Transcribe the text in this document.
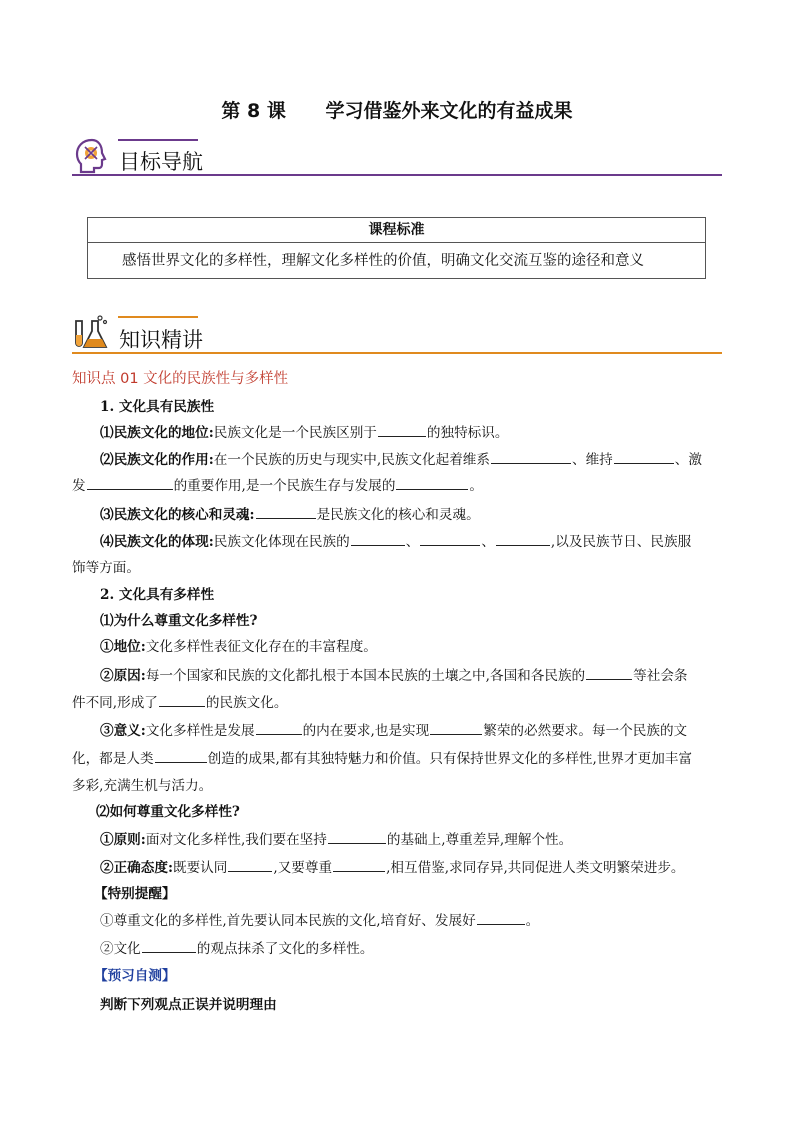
第 8 课      学习借鉴外来文化的有益成果
目标导航
课程标准
感悟世界文化的多样性，理解文化多样性的价值，明确文化交流互鉴的途径和意义
知识精讲
知识点 01 文化的民族性与多样性
1. 文化具有民族性
⑴民族文化的地位:民族文化是一个民族区别于	的独特标识。
⑵民族文化的作用:在一个民族的历史与现实中,民族文化起着维系	、维持	、激
发	的重要作用,是一个民族生存与发展的	。
⑶民族文化的核心和灵魂:	是民族文化的核心和灵魂。
⑷民族文化的体现:民族文化体现在民族的	、	、	,以及民族节日、民族服
饰等方面。
2. 文化具有多样性
⑴为什么尊重文化多样性?
①地位:文化多样性表征文化存在的丰富程度。
②原因:每一个国家和民族的文化都扎根于本国本民族的土壤之中,各国和各民族的	等社会条
件不同,形成了	的民族文化。
③意义:文化多样性是发展	的内在要求,也是实现	繁荣的必然要求。每一个民族的文
化，都是人类	创造的成果,都有其独特魅力和价值。只有保持世界文化的多样性,世界才更加丰富
多彩,充满生机与活力。
⑵如何尊重文化多样性?
①原则:面对文化多样性,我们要在坚持	的基础上,尊重差异,理解个性。
②正确态度:既要认同	,又要尊重	,相互借鉴,求同存异,共同促进人类文明繁荣进步。
【特别提醒】
①尊重文化的多样性,首先要认同本民族的文化,培育好、发展好	。
②文化	的观点抹杀了文化的多样性。
【预习自测】
判断下列观点正误并说明理由
